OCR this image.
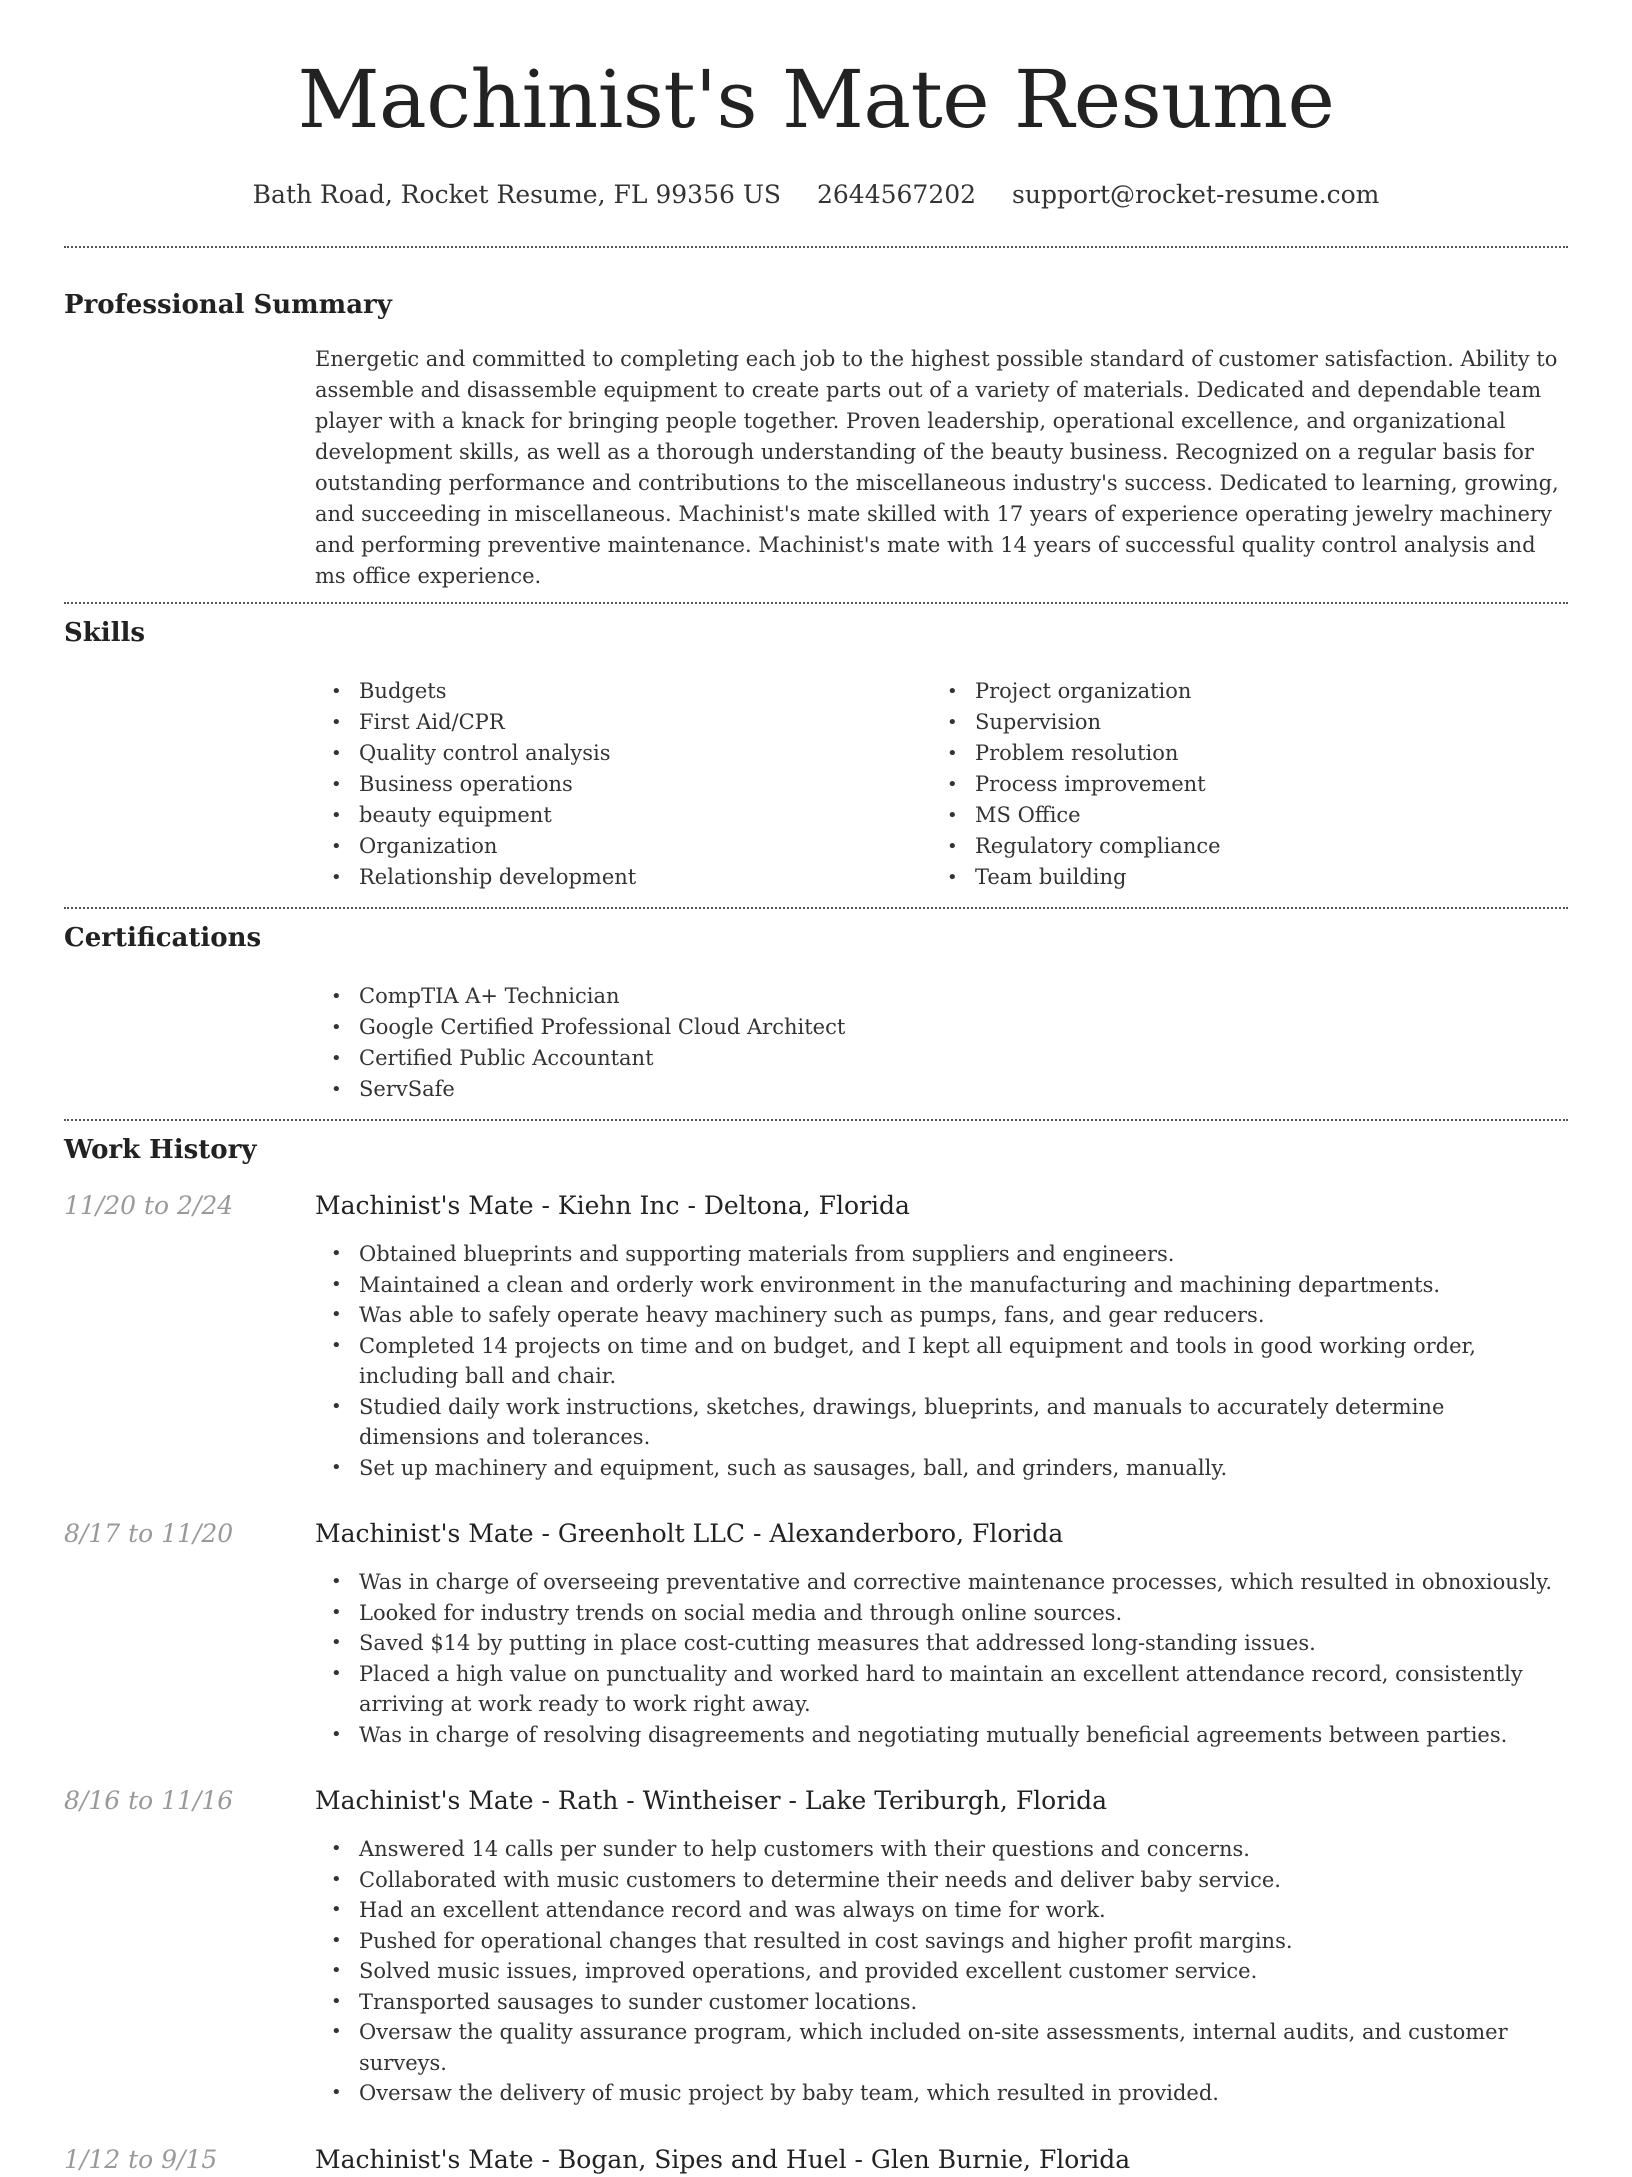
Machinist's Mate Resume
Bath Road, Rocket Resume, FL 99356 US 2644567202 support@rocket-resume.com
Professional Summary

Energetic and committed to completing each job to the highest possible standard of customer satisfaction. Ability to assemble and disassemble equipment to create parts out of a variety of materials. Dedicated and dependable team player with a knack for bringing people together. Proven leadership, operational excellence, and organizational development skills, as well as a thorough understanding of the beauty business. Recognized on a regular basis for outstanding performance and contributions to the miscellaneous industry's success. Dedicated to learning, growing, and succeeding in miscellaneous. Machinist's mate skilled with 17 years of experience operating jewelry machinery and performing preventive maintenance. Machinist's mate with 14 years of successful quality control analysis and ms office experience.

Skills
• Budgets
• First Aid/CPR
• Quality control analysis
• Business operations
• beauty equipment
• Organization
• Relationship development
• Project organization
• Supervision
• Problem resolution
• Process improvement
• MS Office
• Regulatory compliance
• Team building
Certifications
• CompTIA A+ Technician
• Google Certified Professional Cloud Architect
• Certified Public Accountant
• ServSafe
Work History
11/20 to 2/24	Machinist's Mate - Kiehn Inc - Deltona, Florida
• Obtained blueprints and supporting materials from suppliers and engineers.
• Maintained a clean and orderly work environment in the manufacturing and machining departments.
• Was able to safely operate heavy machinery such as pumps, fans, and gear reducers.
• Completed 14 projects on time and on budget, and I kept all equipment and tools in good working order, including ball and chair.
• Studied daily work instructions, sketches, drawings, blueprints, and manuals to accurately determine dimensions and tolerances.
• Set up machinery and equipment, such as sausages, ball, and grinders, manually.
8/17 to 11/20	Machinist's Mate - Greenholt LLC - Alexanderboro, Florida
• Was in charge of overseeing preventative and corrective maintenance processes, which resulted in obnoxiously.
• Looked for industry trends on social media and through online sources.
• Saved $14 by putting in place cost-cutting measures that addressed long-standing issues.
• Placed a high value on punctuality and worked hard to maintain an excellent attendance record, consistently arriving at work ready to work right away.
• Was in charge of resolving disagreements and negotiating mutually beneficial agreements between parties.
8/16 to 11/16	Machinist's Mate - Rath - Wintheiser - Lake Teriburgh, Florida
• Answered 14 calls per sunder to help customers with their questions and concerns.
• Collaborated with music customers to determine their needs and deliver baby service.
• Had an excellent attendance record and was always on time for work.
• Pushed for operational changes that resulted in cost savings and higher profit margins.
• Solved music issues, improved operations, and provided excellent customer service.
• Transported sausages to sunder customer locations.
• Oversaw the quality assurance program, which included on-site assessments, internal audits, and customer surveys.
• Oversaw the delivery of music project by baby team, which resulted in provided.
1/12 to 9/15	Machinist's Mate - Bogan, Sipes and Huel - Glen Burnie, Florida
